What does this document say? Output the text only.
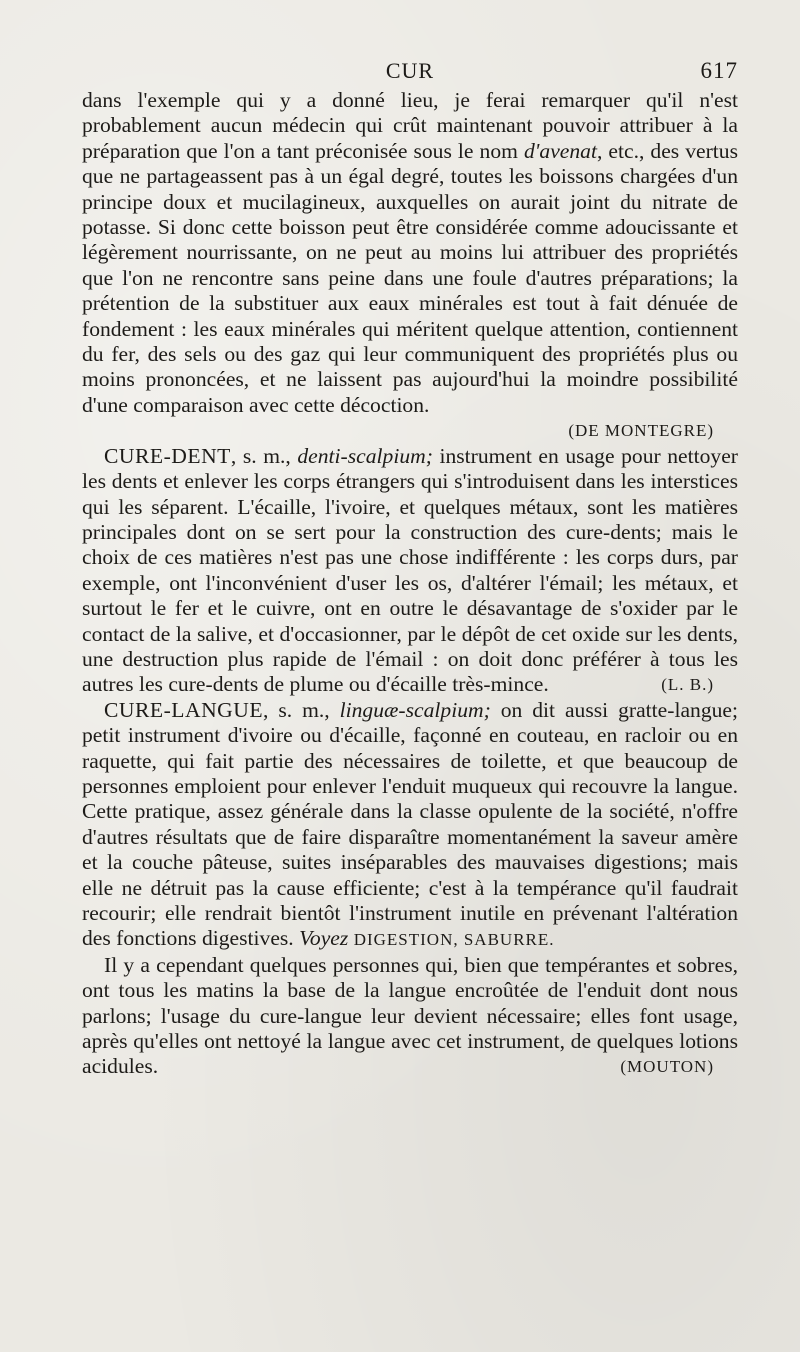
CUR	617

dans l'exemple qui y a donné lieu, je ferai remarquer qu'il n'est probablement aucun médecin qui crût maintenant pouvoir attribuer à la préparation que l'on a tant préconisée sous le nom d'avenat, etc., des vertus que ne partageassent pas à un égal degré, toutes les boissons chargées d'un principe doux et mucilagineux, auxquelles on aurait joint du nitrate de potasse. Si donc cette boisson peut être considérée comme adoucissante et légèrement nourrissante, on ne peut au moins lui attribuer des propriétés que l'on ne rencontre sans peine dans une foule d'autres préparations; la prétention de la substituer aux eaux minérales est tout à fait dénuée de fondement : les eaux minérales qui méritent quelque attention, contiennent du fer, des sels ou des gaz qui leur communiquent des propriétés plus ou moins prononcées, et ne laissent pas aujourd'hui la moindre possibilité d'une comparaison avec cette décoction.

(DE MONTEGRE)

CURE-DENT, s. m., denti-scalpium; instrument en usage pour nettoyer les dents et enlever les corps étrangers qui s'introduisent dans les interstices qui les séparent. L'écaille, l'ivoire, et quelques métaux, sont les matières principales dont on se sert pour la construction des cure-dents; mais le choix de ces matières n'est pas une chose indifférente : les corps durs, par exemple, ont l'inconvénient d'user les os, d'altérer l'émail; les métaux, et surtout le fer et le cuivre, ont en outre le désavantage de s'oxider par le contact de la salive, et d'occasionner, par le dépôt de cet oxide sur les dents, une destruction plus rapide de l'émail : on doit donc préférer à tous les autres les cure-dents de plume ou d'écaille très-mince.	(L. B.)

CURE-LANGUE, s. m., linguæ-scalpium; on dit aussi gratte-langue; petit instrument d'ivoire ou d'écaille, façonné en couteau, en racloir ou en raquette, qui fait partie des nécessaires de toilette, et que beaucoup de personnes emploient pour enlever l'enduit muqueux qui recouvre la langue. Cette pratique, assez générale dans la classe opulente de la société, n'offre d'autres résultats que de faire disparaître momentanément la saveur amère et la couche pâteuse, suites inséparables des mauvaises digestions; mais elle ne détruit pas la cause efficiente; c'est à la tempérance qu'il faudrait recourir; elle rendrait bientôt l'instrument inutile en prévenant l'altération des fonctions digestives. Voyez DIGESTION, SABURRE.

Il y a cependant quelques personnes qui, bien que tempérantes et sobres, ont tous les matins la base de la langue encroûtée de l'enduit dont nous parlons; l'usage du cure-langue leur devient nécessaire; elles font usage, après qu'elles ont nettoyé la langue avec cet instrument, de quelques lotions acidules.	(MOUTON)
